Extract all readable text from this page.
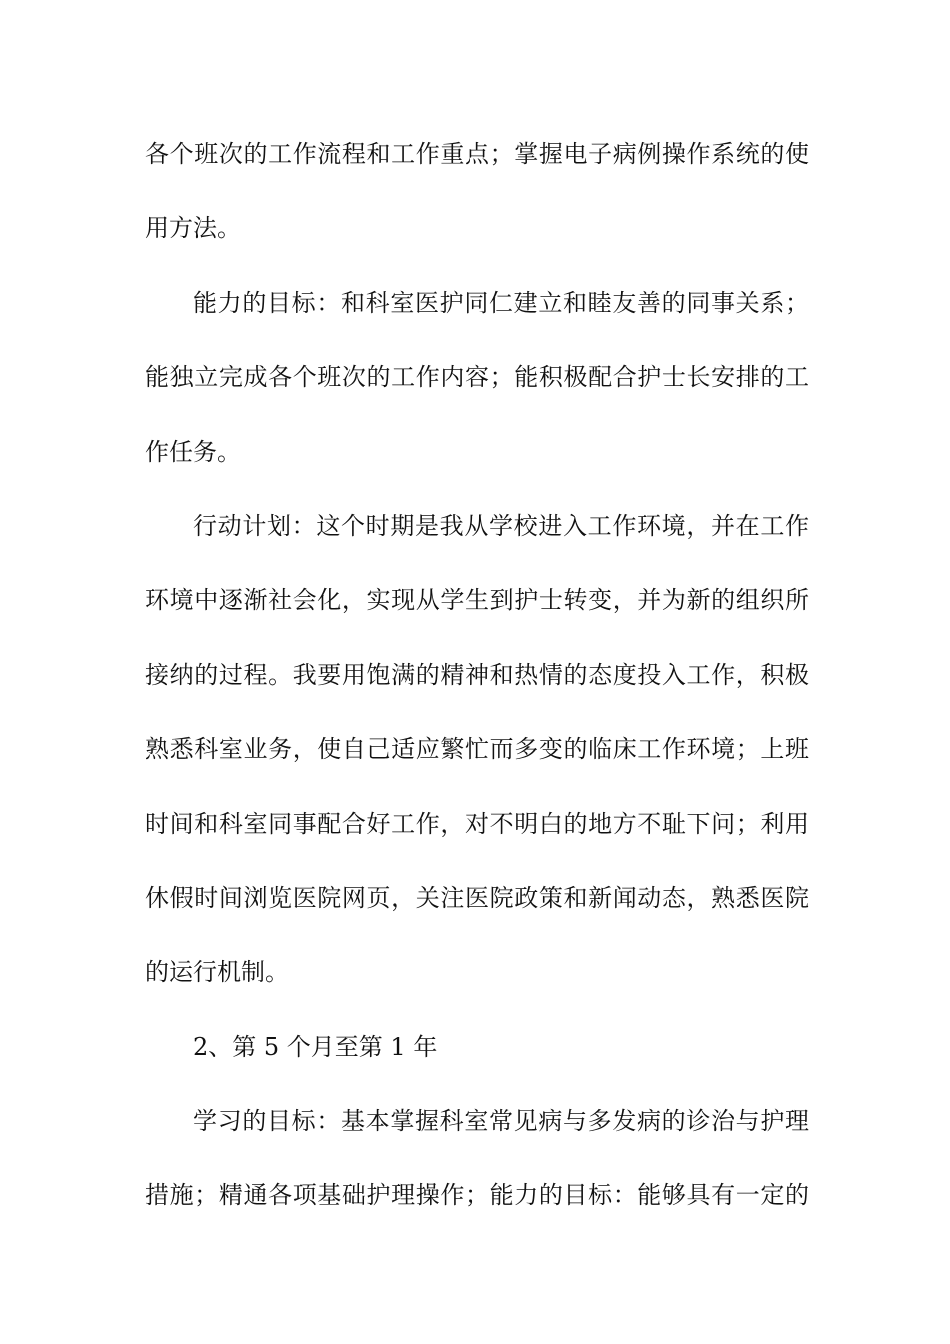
各个班次的工作流程和工作重点；掌握电子病例操作系统的使
用方法。
能力的目标：和科室医护同仁建立和睦友善的同事关系；
能独立完成各个班次的工作内容；能积极配合护士长安排的工
作任务。
行动计划：这个时期是我从学校进入工作环境，并在工作
环境中逐渐社会化，实现从学生到护士转变，并为新的组织所
接纳的过程。我要用饱满的精神和热情的态度投入工作，积极
熟悉科室业务，使自己适应繁忙而多变的临床工作环境；上班
时间和科室同事配合好工作，对不明白的地方不耻下问；利用
休假时间浏览医院网页，关注医院政策和新闻动态，熟悉医院
的运行机制。
2、第 5 个月至第 1 年
学习的目标：基本掌握科室常见病与多发病的诊治与护理
措施；精通各项基础护理操作；能力的目标：能够具有一定的
